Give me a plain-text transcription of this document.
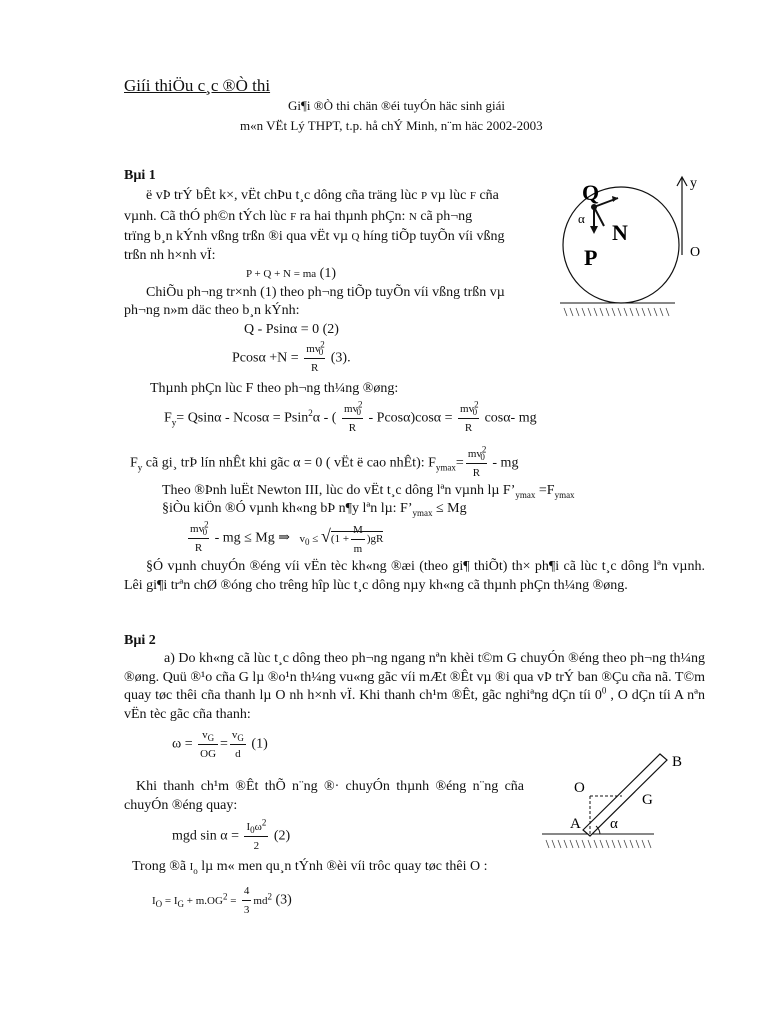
Giíi thiÖu c¸c ®Ò thi
Gi¶i ®Ò thi chän ®éi tuyÓn häc sinh giái
m«n VËt Lý THPT, t.p. hå chÝ Minh, n¨m häc 2002-2003
Bµi 1
ë vÞ trÝ bÊt k×, vËt chÞu t¸c dông cña träng lùc P vµ lùc F cña
vµnh. Cã thÓ ph©n tÝch lùc F ra hai thµnh phÇn: N cã ph¬ng
trïng b¸n kÝnh vßng trßn ®i qua vËt vµ Q híng tiÕp tuyÕn víi vßng
trßn nh h×nh vÏ:
P + Q + N = ma (1)
ChiÕu ph¬ng tr×nh (1) theo ph¬ng tiÕp tuyÕn víi vßng trßn vµ
ph¬ng n»m däc theo b¸n kÝnh:
Q - Psinα = 0 (2)
$Pcos\alpha +N = \frac{mv^2_0}{R} (3)$.
Thµnh phÇn lùc F theo ph¬ng th¼ng ®øng:
$F_y= Qsin\alpha - Ncos\alpha = Psin^2\alpha$ - ( $\frac{mv^2_0}{R} - Pcos\alpha)\cos\alpha = \frac{mv^2_0}{R} \cos\alpha-$ mg
$F_y$ cã gi¸ trÞ lín nhÊt khi gãc α = 0 ( vËt ë cao nhÊt): $F_{ymax}= \frac{mv^2_0}{R}$ - mg
Theo ®Þnh luËt Newton III, lùc do vËt t¸c dông lªn vµnh lµ $F’_{ymax} =F_{ymax}$
§iÒu kiÖn ®Ó vµnh kh«ng bÞ n¶y lªn lµ: $F’_{ymax} \le Mg$
$\frac{mv^2_0}{R}$ - mg ≤ Mg ⇒ $v_0 \le √(1 + \frac{M}{m} )gR$
§Ó vµnh chuyÓn ®éng víi vËn tèc kh«ng ®æi (theo gi¶ thiÕt) th× ph¶i cã lùc t¸c dông lªn vµnh. Lêi gi¶i trªn chØ ®óng cho trêng hîp lùc t¸c dông nµy kh«ng cã thµnh phÇn th¼ng ®øng.
Bµi 2
a) Do kh«ng cã lùc t¸c dông theo ph¬ng ngang nªn khèi t©m G chuyÓn ®éng theo ph¬ng th¼ng ®øng. Quü ®¹o cña G lµ ®o¹n th¼ng vu«ng gãc víi mÆt ®Êt vµ ®i qua vÞ trÝ ban ®Çu cña nã. T©m quay tøc thêi cña thanh lµ O nh h×nh vÏ. Khi thanh ch¹m ®Êt, gãc nghiªng dÇn tíi $0^0$ , O dÇn tíi A nªn vËn tèc gãc cña thanh:
$\omega = \frac{v_G}{OG} = \frac{v_G}{d} (1)$
Khi thanh ch¹m ®Êt thÕ n¨ng ®· chuyÓn thµnh ®éng n¨ng cña chuyÓn ®éng quay:
mgd $\sin \alpha = \frac{I_0\omega^2}{2} (2)$
Trong ®ã $I_o$ lµ m« men qu¸n tÝnh ®èi víi trôc quay tøc thêi O :
$I_O = I_G + m.OG^2 = \frac{4}{3} md^2$ (3)
Q
N
P
α
y
O
B
O
G
A α
